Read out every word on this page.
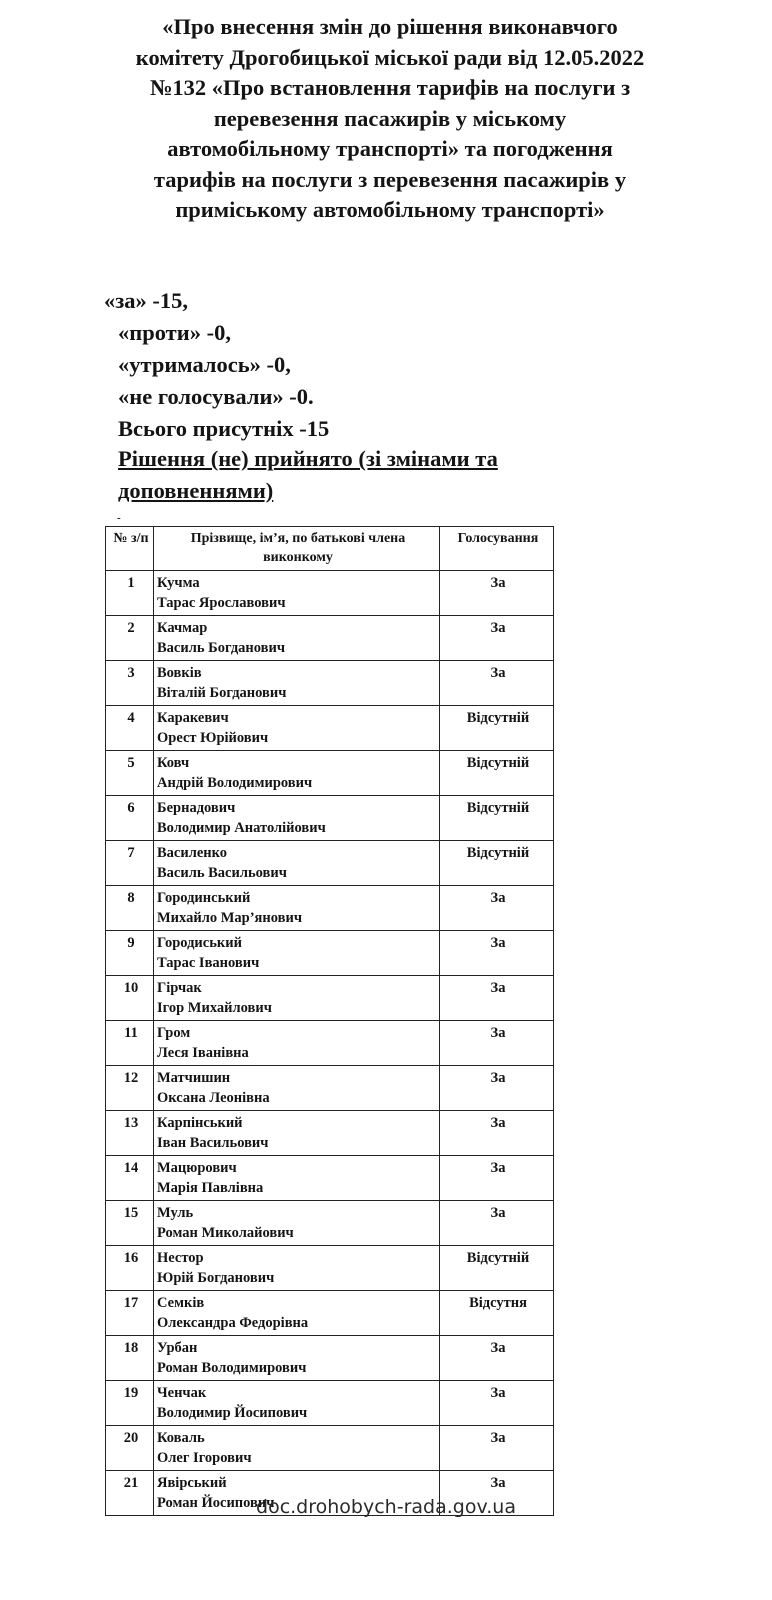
«Про внесення змін до рішення виконавчого
комітету Дрогобицької міської ради від 12.05.2022
№132 «Про встановлення тарифів на послуги з
перевезення пасажирів у міському
автомобільному транспорті» та погодження
тарифів на послуги з перевезення пасажирів у
приміському автомобільному транспорті»
«за» -15,
«проти» -0,
«утрималось» -0,
«не голосували» -0.
Всього присутніх -15
Рішення (не) прийнято (зі змінами та доповненнями)
-
№ з/п	Прізвище, ім’я, по батькові члена виконкому	Голосування
1	Кучма
Тарас Ярославович	За
2	Качмар
Василь Богданович	За
3	Вовків
Віталій Богданович	За
4	Каракевич
Орест Юрійович	Відсутній
5	Ковч
Андрій Володимирович	Відсутній
6	Бернадович
Володимир Анатолійович	Відсутній
7	Василенко
Василь Васильович	Відсутній
8	Городинський
Михайло Мар’янович	За
9	Городиський
Тарас Іванович	За
10	Гірчак
Ігор Михайлович	За
11	Гром
Леся Іванівна	За
12	Матчишин
Оксана Леонівна	За
13	Карпінський
Іван Васильович	За
14	Мацюрович
Марія Павлівна	За
15	Муль
Роман Миколайович	За
16	Нестор
Юрій Богданович	Відсутній
17	Семків
Олександра Федорівна	Відсутня
18	Урбан
Роман Володимирович	За
19	Ченчак
Володимир Йосипович	За
20	Коваль
Олег Ігорович	За
21	Явірський
Роман Йосипович	За
doc.drohobych-rada.gov.ua
